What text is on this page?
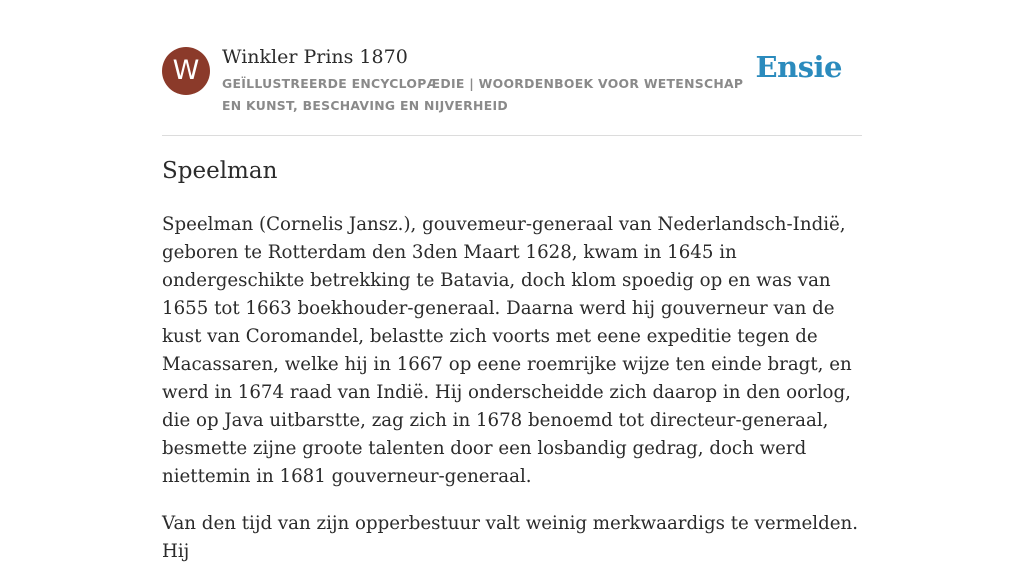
W	Winkler Prins 1870
GEÏLLUSTREERDE ENCYCLOPÆDIE | WOORDENBOEK VOOR WETENSCHAP EN KUNST, BESCHAVING EN NIJVERHEID
Ensie
Speelman

Speelman (Cornelis Jansz.), gouvemeur-generaal van Nederlandsch-Indië, geboren te Rotterdam den 3den Maart 1628, kwam in 1645 in ondergeschikte betrekking te Batavia, doch klom spoedig op en was van 1655 tot 1663 boekhouder-generaal. Daarna werd hij gouverneur van de kust van Coromandel, belastte zich voorts met eene expeditie tegen de Macassaren, welke hij in 1667 op eene roemrijke wijze ten einde bragt, en werd in 1674 raad van Indië. Hij onderscheidde zich daarop in den oorlog, die op Java uitbarstte, zag zich in 1678 benoemd tot directeur-generaal, besmette zijne groote talenten door een losbandig gedrag, doch werd niettemin in 1681 gouverneur-generaal.

Van den tijd van zijn opperbestuur valt weinig merkwaardigs te vermelden. Hij
